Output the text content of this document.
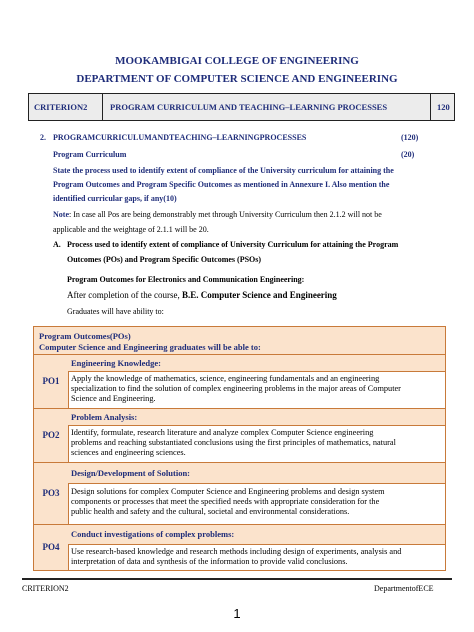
MOOKAMBIGAI COLLEGE OF ENGINEERING
DEPARTMENT OF COMPUTER SCIENCE AND ENGINEERING
CRITERION2	PROGRAM CURRICULUM AND TEACHING–LEARNING PROCESSES	120
2. PROGRAMCURRICULUMANDTEACHING–LEARNINGPROCESSES	(120)
Program Curriculum	(20)
State the process used to identify extent of compliance of the University curriculum for attaining the
Program Outcomes and Program Specific Outcomes as mentioned in Annexure I. Also mention the
identified curricular gaps, if any(10)
Note: In case all Pos are being demonstrably met through University Curriculum then 2.1.2 will not be
applicable and the weightage of 2.1.1 will be 20.
A. Process used to identify extent of compliance of University Curriculum for attaining the Program
Outcomes (POs) and Program Specific Outcomes (PSOs)
Program Outcomes for Electronics and Communication Engineering:
After completion of the course, B.E. Computer Science and Engineering
Graduates will have ability to:
Program Outcomes(POs)
Computer Science and Engineering graduates will be able to:
PO1
Engineering Knowledge:
Apply the knowledge of mathematics, science, engineering fundamentals and an engineering
specialization to find the solution of complex engineering problems in the major areas of Computer
Science and Engineering.
PO2
Problem Analysis:
Identify, formulate, research literature and analyze complex Computer Science engineering
problems and reaching substantiated conclusions using the first principles of mathematics, natural
sciences and engineering sciences.
PO3
Design/Development of Solution:
Design solutions for complex Computer Science and Engineering problems and design system
components or processes that meet the specified needs with appropriate consideration for the
public health and safety and the cultural, societal and environmental considerations.
PO4
Conduct investigations of complex problems:
Use research-based knowledge and research methods including design of experiments, analysis and
interpretation of data and synthesis of the information to provide valid conclusions.
CRITERION2	DepartmentofECE
1
